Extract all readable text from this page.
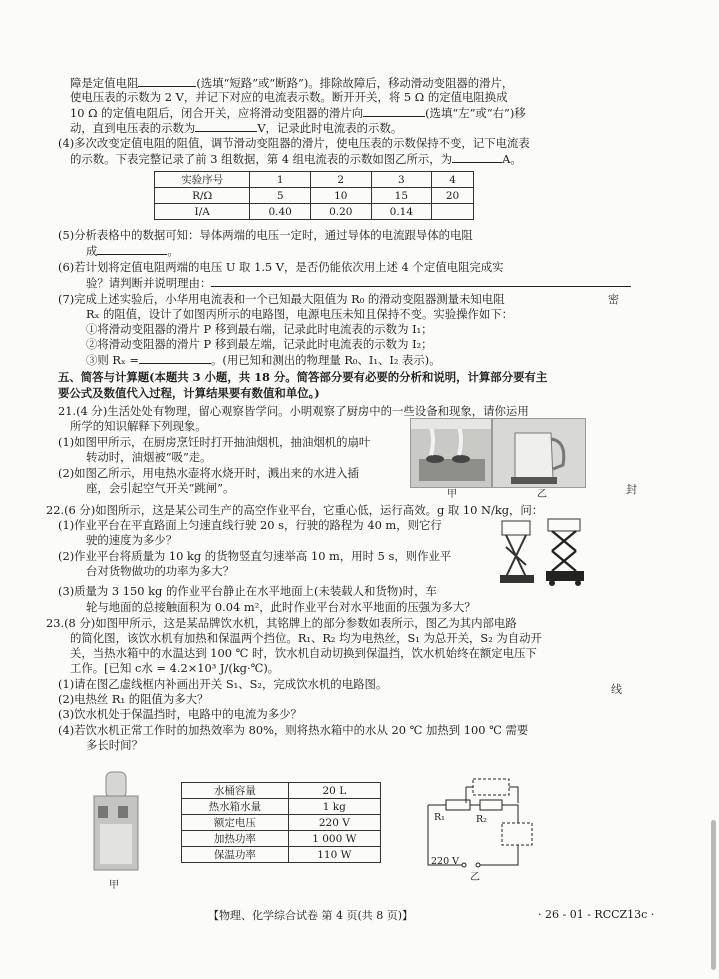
障是定值电阻	(选填“短路”或“断路”)。排除故障后，移动滑动变阻器的滑片，
使电压表的示数为 2 V，并记下对应的电流表示数。断开开关，将 5 Ω 的定值电阻换成
10 Ω 的定值电阻后，闭合开关，应将滑动变阻器的滑片向	(选填“左”或“右”)移
动，直到电压表的示数为	V，记录此时电流表的示数。
(4)多次改变定值电阻的阻值，调节滑动变阻器的滑片，使电压表的示数保持不变，记下电流表
的示数。下表完整记录了前 3 组数据，第 4 组电流表的示数如图乙所示，为	A。
实验序号	1	2	3	4
R/Ω	5	10	15	20
I/A	0.40	0.20	0.14	
(5)分析表格中的数据可知：导体两端的电压一定时，通过导体的电流跟导体的电阻
成	。
(6)若计划将定值电阻两端的电压 U 取 1.5 V，是否仍能依次用上述 4 个定值电阻完成实
验？请判断并说明理由：
(7)完成上述实验后，小华用电流表和一个已知最大阻值为 R₀ 的滑动变阻器测量未知电阻
Rₓ 的阻值，设计了如图丙所示的电路图，电源电压未知且保持不变。实验操作如下：
①将滑动变阻器的滑片 P 移到最右端，记录此时电流表的示数为 I₁；
②将滑动变阻器的滑片 P 移到最左端，记录此时电流表的示数为 I₂；
③则 Rₓ =	。(用已知和测出的物理量 R₀、I₁、I₂ 表示)。
五、简答与计算题(本题共 3 小题，共 18 分。简答部分要有必要的分析和说明，计算部分要有主
要公式及数值代入过程，计算结果要有数值和单位。)
21.(4 分)生活处处有物理，留心观察皆学问。小明观察了厨房中的一些设备和现象，请你运用
所学的知识解释下列现象。
(1)如图甲所示，在厨房烹饪时打开抽油烟机，抽油烟机的扇叶
转动时，油烟被“吸”走。
(2)如图乙所示，用电热水壶将水烧开时，溅出来的水进入插
座，会引起空气开关“跳闸”。	甲	乙
22.(6 分)如图所示，这是某公司生产的高空作业平台，它重心低，运行高效。g 取 10 N/kg，问：
(1)作业平台在平直路面上匀速直线行驶 20 s，行驶的路程为 40 m，则它行
驶的速度为多少？
(2)作业平台将质量为 10 kg 的货物竖直匀速举高 10 m，用时 5 s，则作业平
台对货物做功的功率为多大？
(3)质量为 3 150 kg 的作业平台静止在水平地面上(未装载人和货物)时，车
轮与地面的总接触面积为 0.04 m²，此时作业平台对水平地面的压强为多大？
23.(8 分)如图甲所示，这是某品牌饮水机，其铭牌上的部分参数如表所示，图乙为其内部电路
的简化图，该饮水机有加热和保温两个挡位。R₁、R₂ 均为电热丝，S₁ 为总开关，S₂ 为自动开
关，当热水箱中的水温达到 100 ℃ 时，饮水机自动切换到保温挡，饮水机始终在额定电压下
工作。[已知 c水 = 4.2×10³ J/(kg·℃)。
(1)请在图乙虚线框内补画出开关 S₁、S₂，完成饮水机的电路图。
(2)电热丝 R₁ 的阻值为多大？
(3)饮水机处于保温挡时，电路中的电流为多少？
(4)若饮水机正常工作时的加热效率为 80%，则将热水箱中的水从 20 ℃ 加热到 100 ℃ 需要
多长时间？
甲
水桶容量	20 L
热水箱水量	1 kg
额定电压	220 V
加热功率	1 000 W
保温功率	110 W
R₁	R₂
220 V
乙
密
封
线
【物理、化学综合试卷 第 4 页(共 8 页)】	· 26 - 01 - RCCZ13c ·
